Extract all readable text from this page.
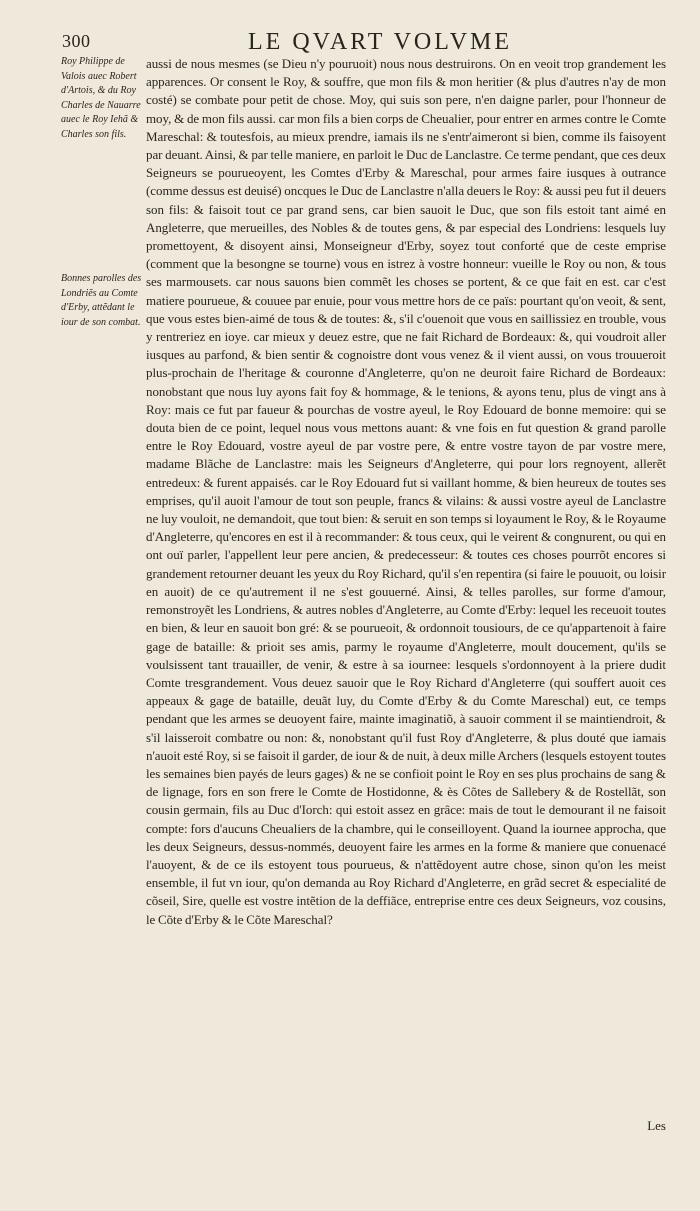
300	LE QVART VOLVME
Roy Philippe de Valois auec Robert d'Artois, & du Roy Charles de Nauarre auec le Roy Iehã & Charles son fils.
Bonnes parolles des Londriẽs au Comte d'Erby, attẽdant le iour de son combat.
aussi de nous mesmes (se Dieu n'y pouruoit) nous nous destruirons. On en veoit trop grandement les apparences. Or consent le Roy, & souffre, que mon fils & mon heritier (& plus d'autres n'ay de mon costé) se combate pour petit de chose. Moy, qui suis son pere, n'en daigne parler, pour l'honneur de moy, & de mon fils aussi. car mon fils a bien corps de Cheualier, pour entrer en armes contre le Comte Mareschal: & toutesfois, au mieux prendre, iamais ils ne s'entr'aimeront si bien, comme ils faisoyent par deuant. Ainsi, & par telle maniere, en parloit le Duc de Lanclastre. Ce terme pendant, que ces deux Seigneurs se pourueoyent, les Comtes d'Erby & Mareschal, pour armes faire iusques à outrance (comme dessus est deuisé) oncques le Duc de Lanclastre n'alla deuers le Roy: & aussi peu fut il deuers son fils: & faisoit tout ce par grand sens, car bien sauoit le Duc, que son fils estoit tant aimé en Angleterre, que merueilles, des Nobles & de toutes gens, & par especial des Londriens: lesquels luy promettoyent, & disoyent ainsi, Monseigneur d'Erby, soyez tout conforté que de ceste emprise (comment que la besongne se tourne) vous en istrez à vostre honneur: vueille le Roy ou non, & tous ses marmousets. car nous sauons bien commẽt les choses se portent, & ce que fait en est. car c'est matiere pourueue, & couuee par enuie, pour vous mettre hors de ce païs: pourtant qu'on veoit, & sent, que vous estes bien-aimé de tous & de toutes: &, s'il c'ouenoit que vous en saillissiez en trouble, vous y rentreriez en ioye. car mieux y deuez estre, que ne fait Richard de Bordeaux: &, qui voudroit aller iusques au parfond, & bien sentir & cognoistre dont vous venez & il vient aussi, on vous trouueroit plus-prochain de l'heritage & couronne d'Angleterre, qu'on ne deuroit faire Richard de Bordeaux: nonobstant que nous luy ayons fait foy & hommage, & le tenions, & ayons tenu, plus de vingt ans à Roy: mais ce fut par faueur & pourchas de vostre ayeul, le Roy Edouard de bonne memoire: qui se douta bien de ce point, lequel nous vous mettons auant: & vne fois en fut question & grand parolle entre le Roy Edouard, vostre ayeul de par vostre pere, & entre vostre tayon de par vostre mere, madame Blãche de Lanclastre: mais les Seigneurs d'Angleterre, qui pour lors regnoyent, allerẽt entredeux: & furent appaisés. car le Roy Edouard fut si vaillant homme, & bien heureux de toutes ses emprises, qu'il auoit l'amour de tout son peuple, francs & vilains: & aussi vostre ayeul de Lanclastre ne luy vouloit, ne demandoit, que tout bien: & seruit en son temps si loyaument le Roy, & le Royaume d'Angleterre, qu'encores en est il à recommander: & tous ceux, qui le veirent & congnurent, ou qui en ont ouï parler, l'appellent leur pere ancien, & predecesseur: & toutes ces choses pourrõt encores si grandement retourner deuant les yeux du Roy Richard, qu'il s'en repentira (si faire le pouuoit, ou loisir en auoit) de ce qu'autrement il ne s'est gouuerné. Ainsi, & telles parolles, sur forme d'amour, remonstroyẽt les Londriens, & autres nobles d'Angleterre, au Comte d'Erby: lequel les receuoit toutes en bien, & leur en sauoit bon gré: & se pourueoit, & ordonnoit tousiours, de ce qu'appartenoit à faire gage de bataille: & prioit ses amis, parmy le royaume d'Angleterre, moult doucement, qu'ils se voulsissent tant trauailler, de venir, & estre à sa iournee: lesquels s'ordonnoyent à la priere dudit Comte tresgrandement. Vous deuez sauoir que le Roy Richard d'Angleterre (qui souffert auoit ces appeaux & gage de bataille, deuãt luy, du Comte d'Erby & du Comte Mareschal) eut, ce temps pendant que les armes se deuoyent faire, mainte imaginatiõ, à sauoir comment il se maintiendroit, & s'il laisseroit combatre ou non: &, nonobstant qu'il fust Roy d'Angleterre, & plus douté que iamais n'auoit esté Roy, si se faisoit il garder, de iour & de nuit, à deux mille Archers (lesquels estoyent toutes les semaines bien payés de leurs gages) & ne se confioit point le Roy en ses plus prochains de sang & de lignage, fors en son frere le Comte de Hostidonne, & ès Cõtes de Sallebery & de Rostellãt, son cousin germain, fils au Duc d'Iorch: qui estoit assez en grâce: mais de tout le demourant il ne faisoit compte: fors d'aucuns Cheualiers de la chambre, qui le conseilloyent. Quand la iournee approcha, que les deux Seigneurs, dessus-nommés, deuoyent faire les armes en la forme & maniere que conuenacé l'auoyent, & de ce ils estoyent tous pourueus, & n'attẽdoyent autre chose, sinon qu'on les meist ensemble, il fut vn iour, qu'on demanda au Roy Richard d'Angleterre, en grãd secret & especialité de cõseil, Sire, quelle est vostre intẽtion de la deffiãce, entreprise entre ces deux Seigneurs, voz cousins, le Cõte d'Erby & le Cõte Mareschal?
Les
